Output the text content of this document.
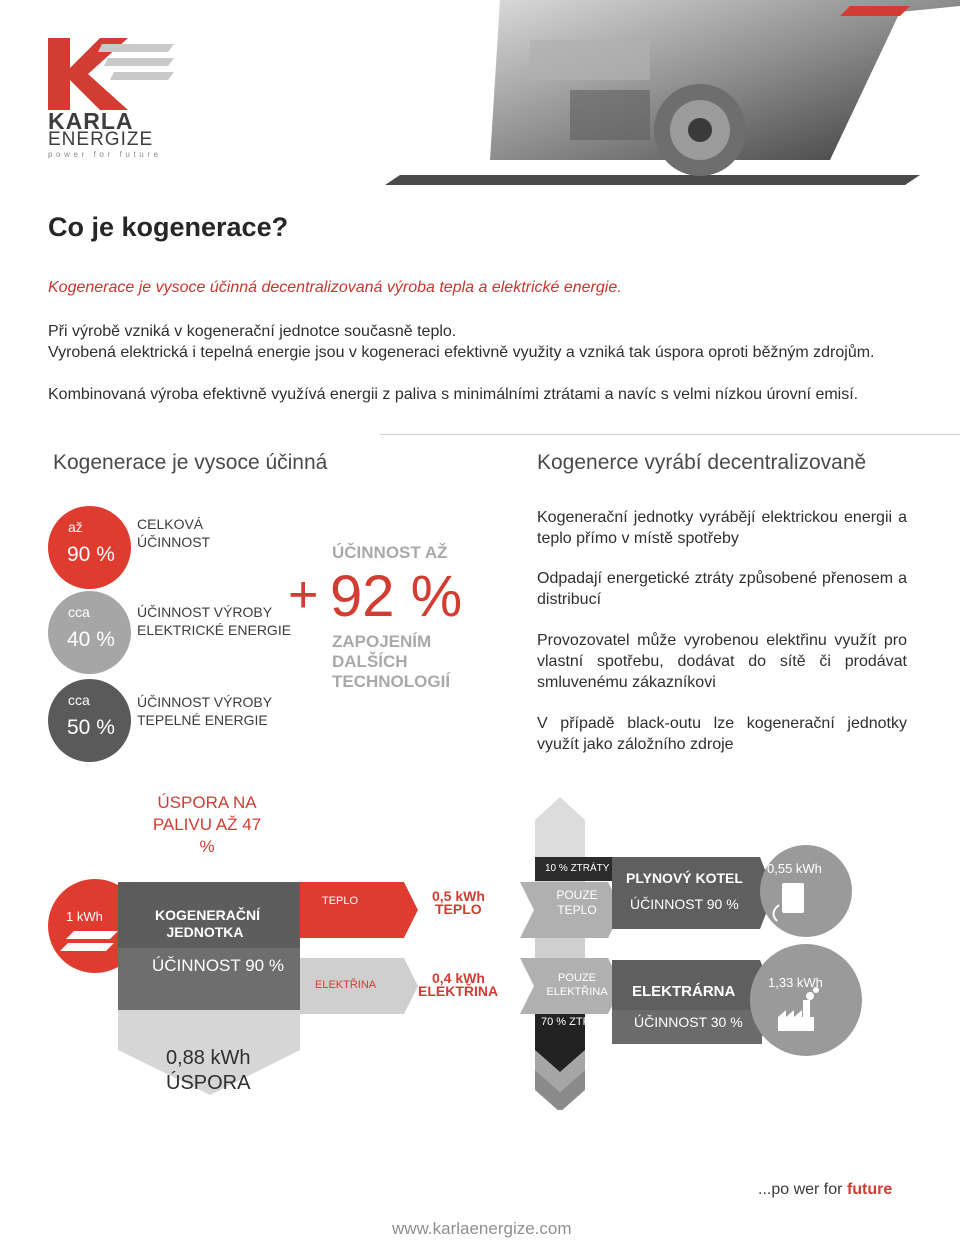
KARLA
ENERGIZE
power for future
Co je kogenerace?
Kogenerace je vysoce účinná decentralizovaná výroba tepla a elektrické energie.
Při výrobě vzniká v kogenerační jednotce současně teplo.
Vyrobená elektrická i tepelná energie jsou v kogeneraci efektivně využity a vzniká tak úspora oproti běžným zdrojům.
Kombinovaná výroba efektivně využívá energii z paliva s minimálními ztrátami a navíc s velmi nízkou úrovní emisí.
Kogenerace je vysoce účinná
až
90 %
CELKOVÁ
ÚČINNOST
cca
40 %
ÚČINNOST VÝROBY
ELEKTRICKÉ ENERGIE
cca
50 %
ÚČINNOST VÝROBY
TEPELNÉ ENERGIE
+
ÚČINNOST AŽ
92 %
ZAPOJENÍM
DALŠÍCH
TECHNOLOGIÍ
Kogenerce vyrábí decentralizovaně
Kogenerační jednotky vyrábějí elektrickou energii a teplo přímo v místě spotřeby
Odpadají energetické ztráty způsobené přenosem a distribucí
Provozovatel může vyrobenou elektřinu využít pro vlastní spotřebu, dodávat do sítě či prodávat smluvenému zákazníkovi
V případě black-outu lze kogenerační jednotky využít jako záložního zdroje
ÚSPORA NA PALIVU AŽ 47 %
1 kWh	KOGENERAČNÍ
JEDNOTKA
ÚČINNOST 90 %
TEPLO
ELEKTŘINA
0,5 kWh
TEPLO
0,4 kWh
ELEKTŘINA
10 % ZTRÁTY
POUZE
TEPLO
POUZE
ELEKTŘINA
70 % ZTRÁTY
PLYNOVÝ KOTEL
ÚČINNOST 90 %
ELEKTRÁRNA
ÚČINNOST 30 %
0,55 kWh
1,33 kWh
0,88 kWh
ÚSPORA
...po wer for future
www.karlaenergize.com
